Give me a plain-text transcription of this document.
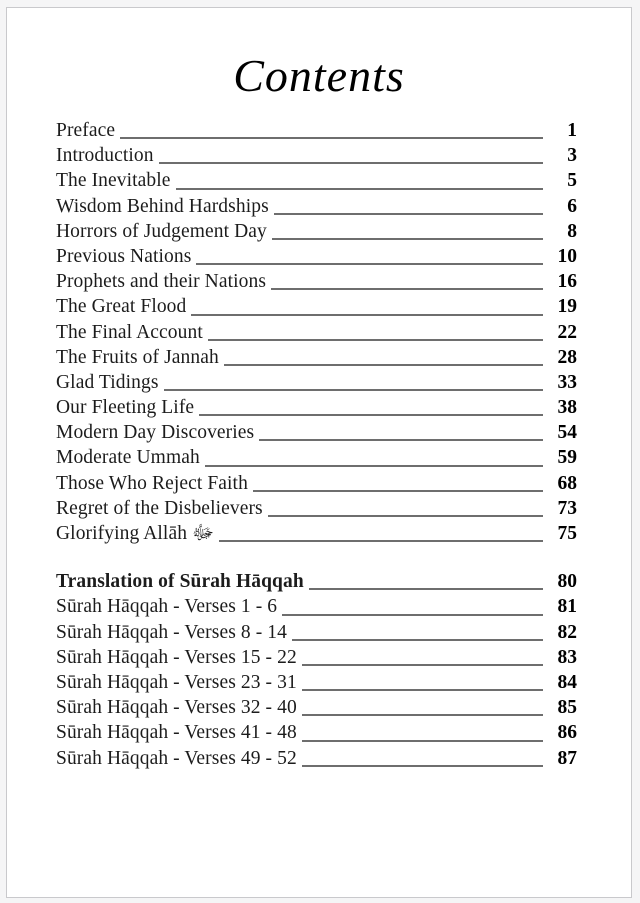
Contents
Preface	1
Introduction	3
The Inevitable	5
Wisdom Behind Hardships	6
Horrors of Judgement Day	8
Previous Nations	10
Prophets and their Nations	16
The Great Flood	19
The Final Account	22
The Fruits of Jannah	28
Glad Tidings	33
Our Fleeting Life	38
Modern Day Discoveries	54
Moderate Ummah	59
Those Who Reject Faith	68
Regret of the Disbelievers	73
Glorifying Allāh ﷻ	75
Translation of Sūrah Hāqqah	80
Sūrah Hāqqah - Verses 1 - 6	81
Sūrah Hāqqah - Verses 8 - 14	82
Sūrah Hāqqah - Verses 15 - 22	83
Sūrah Hāqqah - Verses 23 - 31	84
Sūrah Hāqqah - Verses 32 - 40	85
Sūrah Hāqqah - Verses 41 - 48	86
Sūrah Hāqqah - Verses 49 - 52	87
